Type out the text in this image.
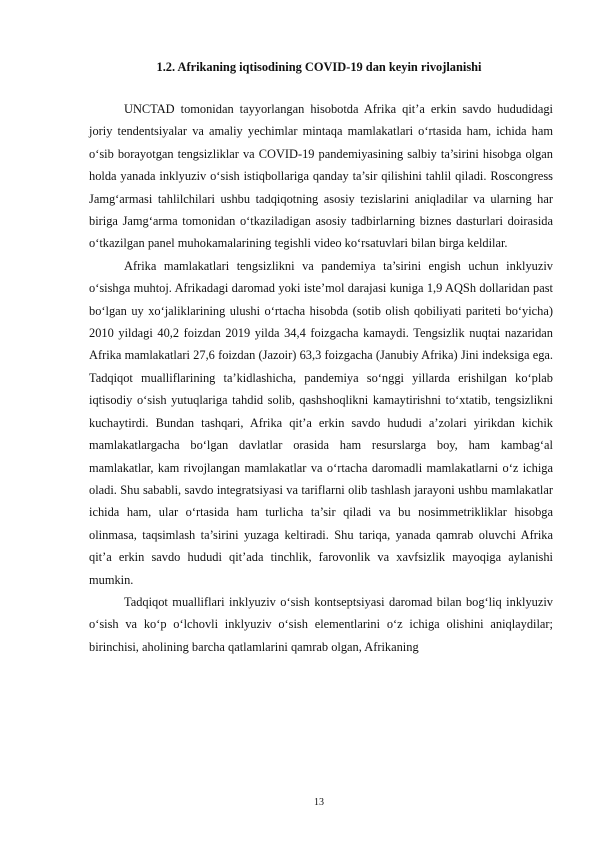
1.2. Afrikaning iqtisodining COVID-19 dan keyin rivojlanishi

UNCTAD tomonidan tayyorlangan hisobotda Afrika qit’a erkin savdo hududidagi joriy tendentsiyalar va amaliy yechimlar mintaqa mamlakatlari o‘rtasida ham, ichida ham o‘sib borayotgan tengsizliklar va COVID-19 pandemiyasining salbiy ta’sirini hisobga olgan holda yanada inklyuziv o‘sish istiqbollariga qanday ta’sir qilishini tahlil qiladi. Roscongress Jamg‘armasi tahlilchilari ushbu tadqiqotning asosiy tezislarini aniqladilar va ularning har biriga Jamg‘arma tomonidan o‘tkaziladigan asosiy tadbirlarning biznes dasturlari doirasida o‘tkazilgan panel muhokamalarining tegishli video ko‘rsatuvlari bilan birga keldilar.

Afrika mamlakatlari tengsizlikni va pandemiya ta’sirini engish uchun inklyuziv o‘sishga muhtoj. Afrikadagi daromad yoki iste’mol darajasi kuniga 1,9 AQSh dollaridan past bo‘lgan uy xo‘jaliklarining ulushi o‘rtacha hisobda (sotib olish qobiliyati pariteti bo‘yicha) 2010 yildagi 40,2 foizdan 2019 yilda 34,4 foizgacha kamaydi. Tengsizlik nuqtai nazaridan Afrika mamlakatlari 27,6 foizdan (Jazoir) 63,3 foizgacha (Janubiy Afrika) Jini indeksiga ega. Tadqiqot mualliflarining ta’kidlashicha, pandemiya so‘nggi yillarda erishilgan ko‘plab iqtisodiy o‘sish yutuqlariga tahdid solib, qashshoqlikni kamaytirishni to‘xtatib, tengsizlikni kuchaytirdi. Bundan tashqari, Afrika qit’a erkin savdo hududi a’zolari yirikdan kichik mamlakatlargacha bo‘lgan davlatlar orasida ham resurslarga boy, ham kambag‘al mamlakatlar, kam rivojlangan mamlakatlar va o‘rtacha daromadli mamlakatlarni o‘z ichiga oladi. Shu sababli, savdo integratsiyasi va tariflarni olib tashlash jarayoni ushbu mamlakatlar ichida ham, ular o‘rtasida ham turlicha ta’sir qiladi va bu nosimmetrikliklar hisobga olinmasa, taqsimlash ta’sirini yuzaga keltiradi. Shu tariqa, yanada qamrab oluvchi Afrika qit’a erkin savdo hududi qit’ada tinchlik, farovonlik va xavfsizlik mayoqiga aylanishi mumkin.

Tadqiqot mualliflari inklyuziv o‘sish kontseptsiyasi daromad bilan bog‘liq inklyuziv o‘sish va ko‘p o‘lchovli inklyuziv o‘sish elementlarini o‘z ichiga olishini aniqlaydilar; birinchisi, aholining barcha qatlamlarini qamrab olgan, Afrikaning

13
